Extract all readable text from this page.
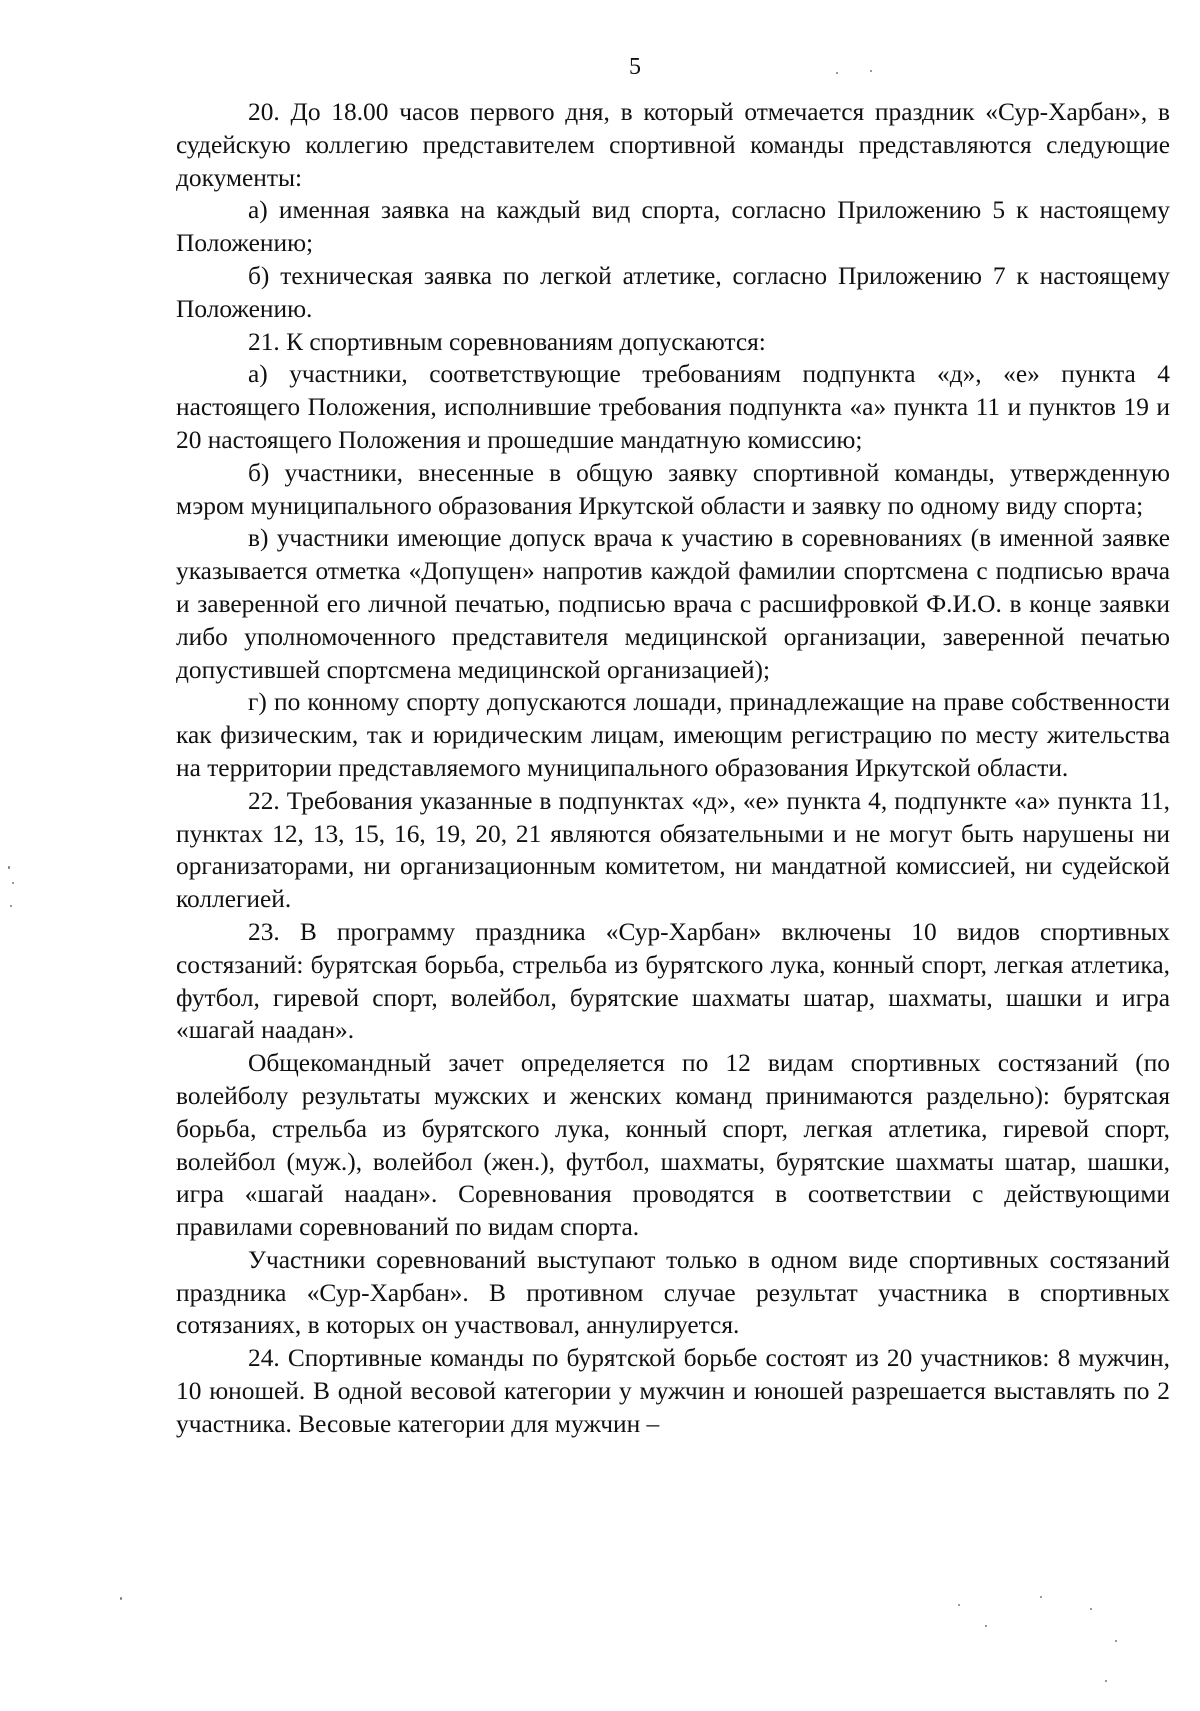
5

20. До 18.00 часов первого дня, в который отмечается праздник «Сур-Харбан», в судейскую коллегию представителем спортивной команды представляются следующие документы:

а) именная заявка на каждый вид спорта, согласно Приложению 5 к настоящему Положению;

б) техническая заявка по легкой атлетике, согласно Приложению 7 к настоящему Положению.

21. К спортивным соревнованиям допускаются:

а) участники, соответствующие требованиям подпункта «д», «е» пункта 4 настоящего Положения, исполнившие требования подпункта «а» пункта 11 и пунктов 19 и 20 настоящего Положения и прошедшие мандатную комиссию;

б) участники, внесенные в общую заявку спортивной команды, утвержденную мэром муниципального образования Иркутской области и заявку по одному виду спорта;

в) участники имеющие допуск врача к участию в соревнованиях (в именной заявке указывается отметка «Допущен» напротив каждой фамилии спортсмена с подписью врача и заверенной его личной печатью, подписью врача с расшифровкой Ф.И.О. в конце заявки либо уполномоченного представителя медицинской организации, заверенной печатью допустившей спортсмена медицинской организацией);

г) по конному спорту допускаются лошади, принадлежащие на праве собственности как физическим, так и юридическим лицам, имеющим регистрацию по месту жительства на территории представляемого муниципального образования Иркутской области.

22. Требования указанные в подпунктах «д», «е» пункта 4, подпункте «а» пункта 11, пунктах 12, 13, 15, 16, 19, 20, 21 являются обязательными и не могут быть нарушены ни организаторами, ни организационным комитетом, ни мандатной комиссией, ни судейской коллегией.

23. В программу праздника «Сур-Харбан» включены 10 видов спортивных состязаний: бурятская борьба, стрельба из бурятского лука, конный спорт, легкая атлетика, футбол, гиревой спорт, волейбол, бурятские шахматы шатар, шахматы, шашки и игра «шагай наадан».

Общекомандный зачет определяется по 12 видам спортивных состязаний (по волейболу результаты мужских и женских команд принимаются раздельно): бурятская борьба, стрельба из бурятского лука, конный спорт, легкая атлетика, гиревой спорт, волейбол (муж.), волейбол (жен.), футбол, шахматы, бурятские шахматы шатар, шашки, игра «шагай наадан». Соревнования проводятся в соответствии с действующими правилами соревнований по видам спорта.

Участники соревнований выступают только в одном виде спортивных состязаний праздника «Сур-Харбан». В противном случае результат участника в спортивных сотязаниях, в которых он участвовал, аннулируется.

24. Спортивные команды по бурятской борьбе состоят из 20 участников: 8 мужчин, 10 юношей. В одной весовой категории у мужчин и юношей разрешается выставлять по 2 участника. Весовые категории для мужчин –
